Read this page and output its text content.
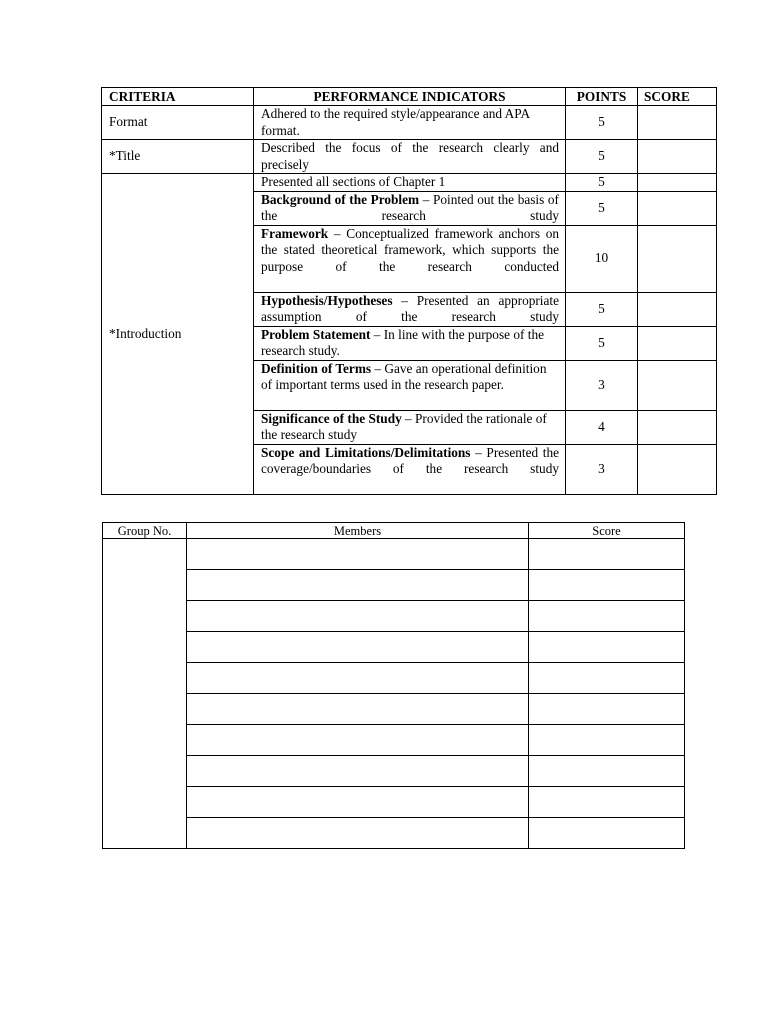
CRITERIA	PERFORMANCE INDICATORS	POINTS	SCORE
Format	Adhered to the required style/appearance and APA format.	5	
*Title	Described the focus of the research clearly and precisely	5	
*Introduction	Presented all sections of Chapter 1	5	
	Background of the Problem – Pointed out the basis of the research study	5	
	Framework – Conceptualized framework anchors on the stated theoretical framework, which supports the purpose of the research conducted	10	
	Hypothesis/Hypotheses – Presented an appropriate assumption of the research study	5	
	Problem Statement – In line with the purpose of the research study.	5	
	Definition of Terms – Gave an operational definition of important terms used in the research paper.	3	
	Significance of the Study – Provided the rationale of the research study	4	
	Scope and Limitations/Delimitations – Presented the coverage/boundaries of the research study	3	
Group No.	Members	Score
